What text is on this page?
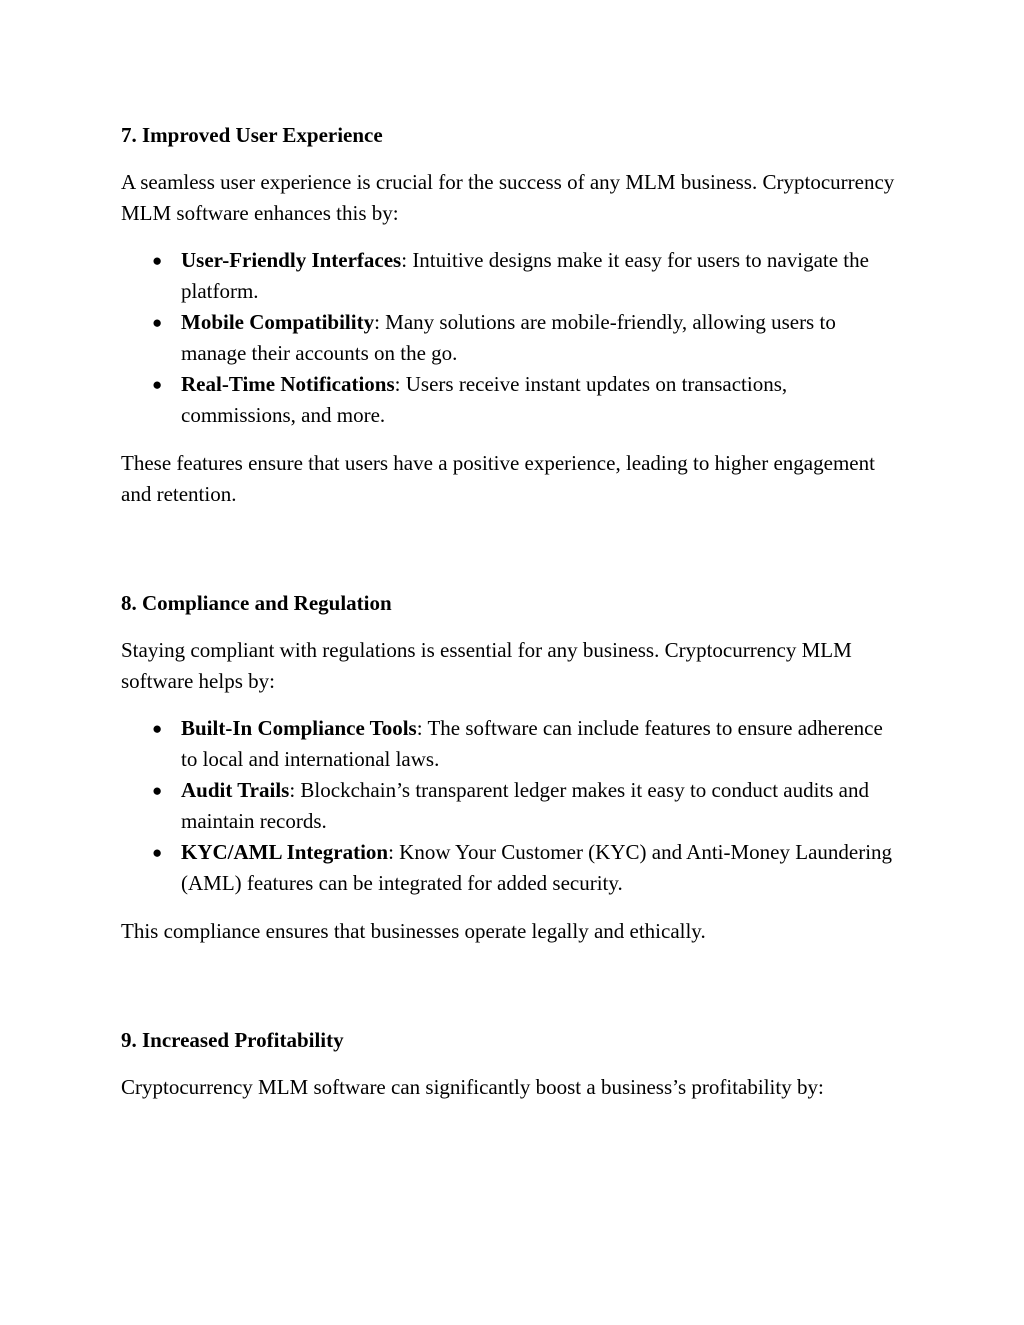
7. Improved User Experience

A seamless user experience is crucial for the success of any MLM business. Cryptocurrency MLM software enhances this by:

● User-Friendly Interfaces: Intuitive designs make it easy for users to navigate the platform.
● Mobile Compatibility: Many solutions are mobile-friendly, allowing users to manage their accounts on the go.
● Real-Time Notifications: Users receive instant updates on transactions, commissions, and more.

These features ensure that users have a positive experience, leading to higher engagement and retention.

8. Compliance and Regulation

Staying compliant with regulations is essential for any business. Cryptocurrency MLM software helps by:

● Built-In Compliance Tools: The software can include features to ensure adherence to local and international laws.
● Audit Trails: Blockchain’s transparent ledger makes it easy to conduct audits and maintain records.
● KYC/AML Integration: Know Your Customer (KYC) and Anti-Money Laundering (AML) features can be integrated for added security.

This compliance ensures that businesses operate legally and ethically.

9. Increased Profitability

Cryptocurrency MLM software can significantly boost a business’s profitability by:
